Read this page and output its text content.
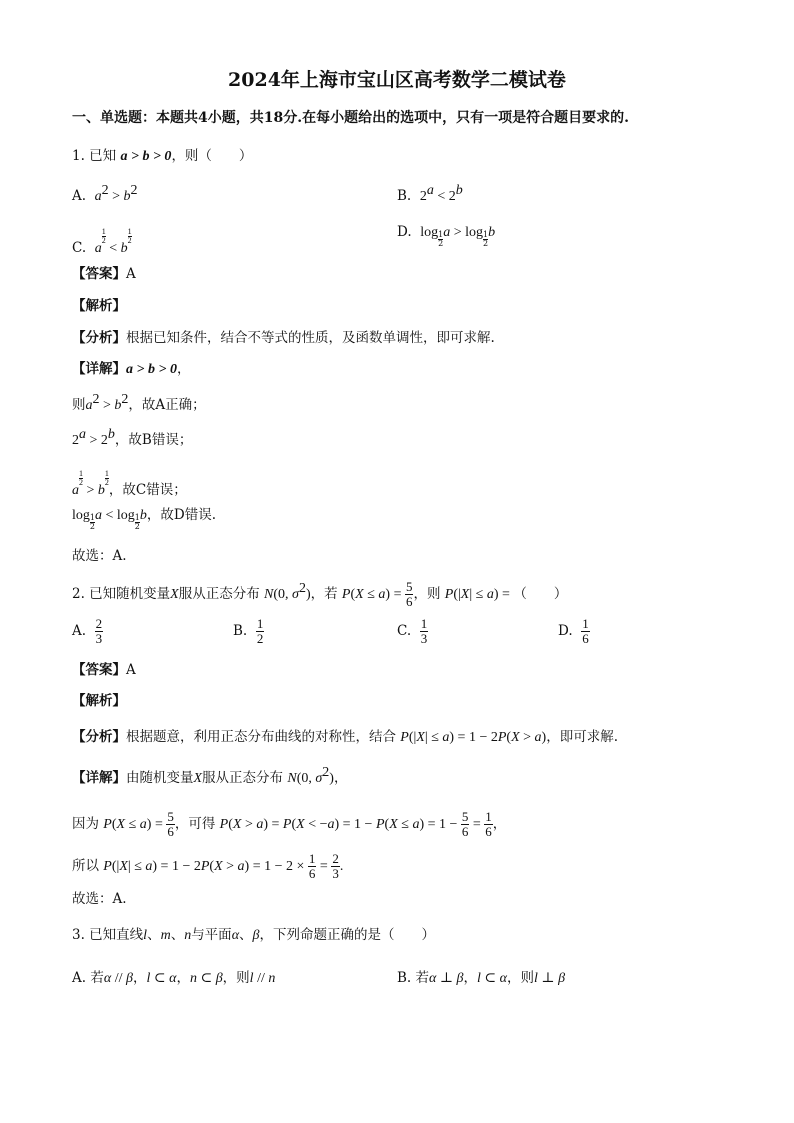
2024年上海市宝山区高考数学二模试卷
一、单选题：本题共4小题，共18分.在每小题给出的选项中，只有一项是符合题目要求的.
1. 已知 a > b > 0，则（　　）
A. $a^2 > b^2$	B. $2^a < 2^b$
C. a
$\frac{1}{2}$
< b
$\frac{1}{2}$	D. $\log \frac{1}{2}$ $a > \log \frac{1}{2}$ b
【答案】A
【解析】
【分析】根据已知条件，结合不等式的性质，及函数单调性，即可求解.
【详解】a > b > 0，
则$a^2 > b^2$，故A正确；
$2^a > 2^b$，故B错误；
a
$\frac{1}{2}$
> b
$\frac{1}{2}$
，故C错误；
$\log \frac{1}{2}$ $a < \log \frac{1}{2}$ b，故D错误.
故选：A.
2. 已知随机变量X服从正态分布 N(0, $\sigma^2$)，若 $P(X \le a) = \frac{5}{6}$ ，则 P(|X| ≤ a) = （　　）
A. $\frac{2}{3}$	B. $\frac{1}{2}$	C. $\frac{1}{3}$	D. $\frac{1}{6}$
【答案】A
【解析】
【分析】根据题意，利用正态分布曲线的对称性，结合 P(|X| ≤ a) = 1 − 2P(X > a)，即可求解.
【详解】由随机变量X服从正态分布 N(0, $\sigma^2$)，
因为 $P(X \le a) = \frac{5}{6}$ ，可得 $P(X > a) = P(X < -a) = 1 - P(X \le a) = 1 - \frac{5}{6} = \frac{1}{6}$ ，
所以 $P(|X| \le a) = 1 - 2P(X > a) = 1 - 2 \times \frac{1}{6} = \frac{2}{3}$ .
故选：A.
3. 已知直线l、m、n与平面α、β，下列命题正确的是（　　）
A. 若α // β，l ⊂ α，n ⊂ β，则l // n	B. 若α ⊥ β，l ⊂ α，则l ⊥ β
